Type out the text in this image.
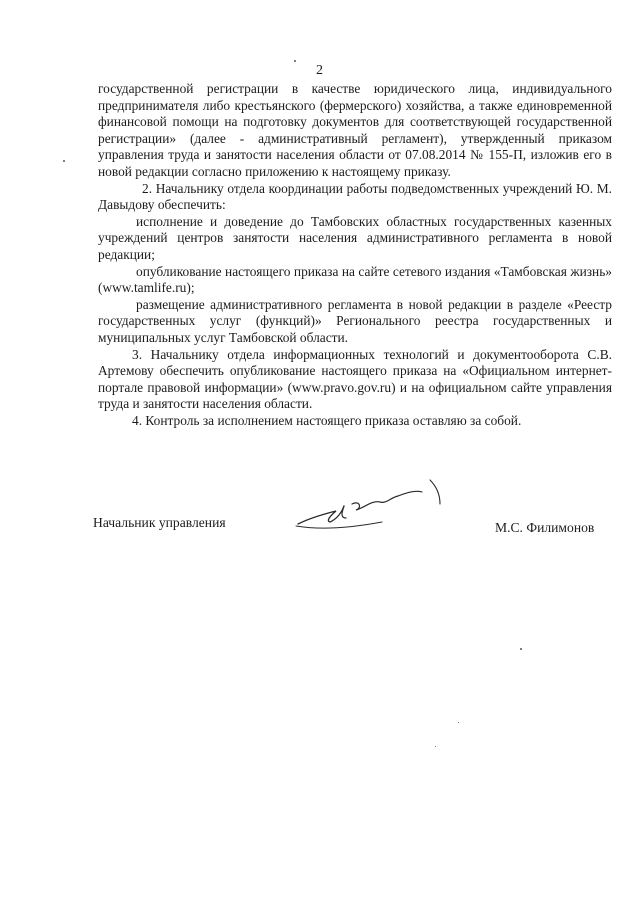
2

государственной регистрации в качестве юридического лица, индивидуального предпринимателя либо крестьянского (фермерского) хозяйства, а также единовременной финансовой помощи на подготовку документов для соответствующей государственной регистрации» (далее - административный регламент), утвержденный приказом управления труда и занятости населения области от 07.08.2014 № 155-П, изложив его в новой редакции согласно приложению к настоящему приказу.

2. Начальнику отдела координации работы подведомственных учреждений Ю. М. Давыдову обеспечить:

исполнение и доведение до Тамбовских областных государственных казенных учреждений центров занятости населения административного регламента в новой редакции;

опубликование настоящего приказа на сайте сетевого издания «Тамбовская жизнь» (www.tamlife.ru);

размещение административного регламента в новой редакции в разделе «Реестр государственных услуг (функций)» Регионального реестра государственных и муниципальных услуг Тамбовской области.

3. Начальнику отдела информационных технологий и документооборота С.В. Артемову обеспечить опубликование настоящего приказа на «Официальном интернет-портале правовой информации» (www.pravo.gov.ru) и на официальном сайте управления труда и занятости населения области.

4. Контроль за исполнением настоящего приказа оставляю за собой.

Начальник управления	М.С. Филимонов
